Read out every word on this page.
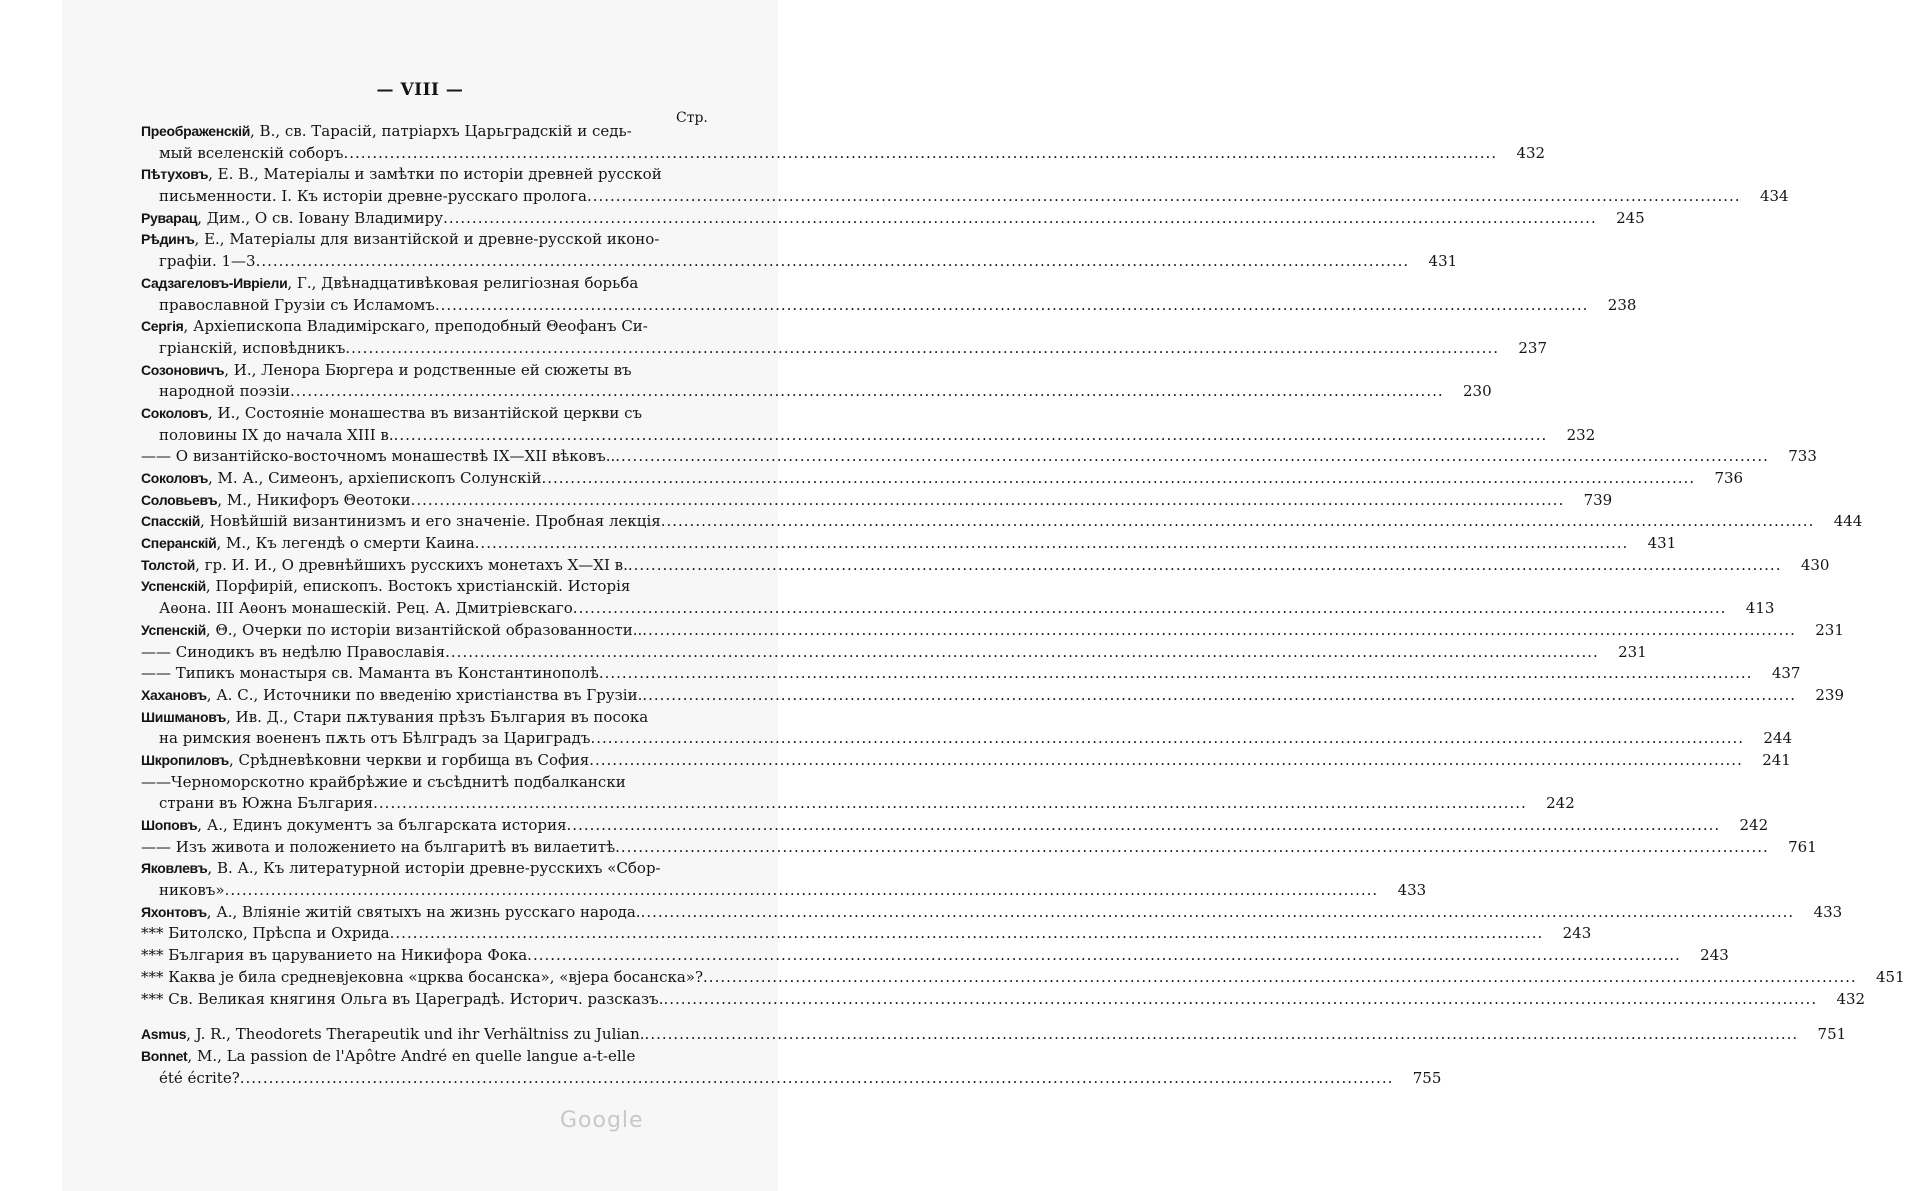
— VIII —
Стр.
Преображенскій, В., св. Тарасій, патріархъ Царьградскій и седь-
мый вселенскій соборъ ........................................................................................................................................................................................................	432
Пѣтуховъ, Е. В., Матеріалы и замѣтки по исторіи древней русской
письменности. I. Къ исторіи древне-русскаго пролога ........................................................................................................................................................................................................	434
Руварац, Дим., О св. Іовану Владимиру ........................................................................................................................................................................................................	245
Рѣдинъ, Е., Матеріалы для византійской и древне-русской иконо-
графіи. 1—3 ........................................................................................................................................................................................................	431
Садзагеловъ-Ивріели, Г., Двѣнадцативѣковая религіозная борьба
православной Грузіи съ Исламомъ ........................................................................................................................................................................................................	238
Сергія, Архіепископа Владимірскаго, преподобный Θеофанъ Си-
гріанскій, исповѣдникъ ........................................................................................................................................................................................................	237
Созоновичъ, И., Ленора Бюргера и родственные ей сюжеты въ
народной поэзіи ........................................................................................................................................................................................................	230
Соколовъ, И., Состояніе монашества въ византійской церкви съ
половины IX до начала XIII в. ........................................................................................................................................................................................................	232
—— О византійско-восточномъ монашествѣ IX—XII вѣковъ.. ........................................................................................................................................................................................................	733
Соколовъ, М. А., Симеонъ, архіепископъ Солунскій ........................................................................................................................................................................................................	736
Соловьевъ, М., Никифоръ Θеотоки ........................................................................................................................................................................................................	739
Спасскій, Новѣйшій византинизмъ и его значеніе. Пробная лекція ........................................................................................................................................................................................................	444
Сперанскій, М., Къ легендѣ о смерти Каина ........................................................................................................................................................................................................	431
Толстой, гр. И. И., О древнѣйшихъ русскихъ монетахъ X—XI в. ........................................................................................................................................................................................................	430
Успенскій, Порфирій, епископъ. Востокъ христіанскій. Исторія
Аѳона. III Аѳонъ монашескій. Рец. А. Дмитріевскаго ........................................................................................................................................................................................................	413
Успенскій, Θ., Очерки по исторіи византійской образованности.. ........................................................................................................................................................................................................	231
—— Синодикъ въ недѣлю Православія ........................................................................................................................................................................................................	231
—— Типикъ монастыря св. Маманта въ Константинополѣ ........................................................................................................................................................................................................	437
Хахановъ, А. С., Источники по введенію христіанства въ Грузіи. ........................................................................................................................................................................................................	239
Шишмановъ, Ив. Д., Стари пѫтувания прѣзъ България въ посока
на римския воененъ пѫть отъ Бѣлградъ за Цариградъ ........................................................................................................................................................................................................	244
Шкропиловъ, Срѣдневѣковни черкви и горбища въ София ........................................................................................................................................................................................................	241
——Черноморскотно крайбрѣжие и съсѣднитѣ подбалкански
страни въ Южна България ........................................................................................................................................................................................................	242
Шоповъ, А., Единъ документъ за българската история ........................................................................................................................................................................................................	242
—— Изъ живота и положението на българитѣ въ вилаетитѣ ........................................................................................................................................................................................................	761
Яковлевъ, В. А., Къ литературной исторіи древне-русскихъ «Сбор-
никовъ» ........................................................................................................................................................................................................	433
Яхонтовъ, А., Вліяніе житій святыхъ на жизнь русскаго народа. ........................................................................................................................................................................................................	433
*** Битолско, Прѣспа и Охрида ........................................................................................................................................................................................................	243
*** България въ царуванието на Никифора Фока ........................................................................................................................................................................................................	243
*** Каква је била средневјековна «црква босанска», «вјера босанска»? ........................................................................................................................................................................................................	451
*** Св. Великая княгиня Ольга въ Цареградѣ. Историч. разсказъ. ........................................................................................................................................................................................................	432
Asmus, J. R., Theodorets Therapeutik und ihr Verhältniss zu Julian. ........................................................................................................................................................................................................	751
Bonnet, M., La passion de l'Apôtre André en quelle langue a-t-elle
été écrite? ........................................................................................................................................................................................................	755
Google
